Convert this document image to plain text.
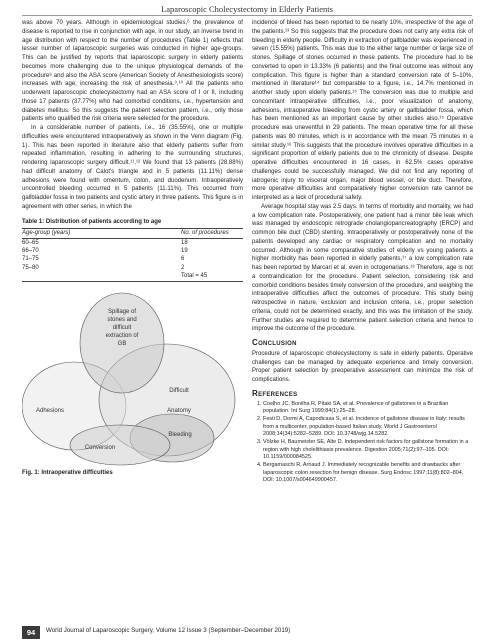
Laparoscopic Cholecystectomy in Elderly Patients

was above 70 years. Although in epidemiological studies,⁶ the prevalence of disease is reported to rise in conjunction with age, in our study, an inverse trend in age distribution with respect to the number of procedures (Table 1) reflects that lesser number of laparoscopic surgeries was conducted in higher age-groups. This can be justified by reports that laparoscopic surgery in elderly patients becomes more challenging due to the unique physiological demands of the procedure⁸ and also the ASA score (American Society of Anesthesiologists score) increases with age, increasing the risk of anesthesia.⁹,¹⁰ All the patients who underwent laparoscopic cholecystectomy had an ASA score of I or II, including those 17 patients (37.77%) who had comorbid conditions, i.e., hypertension and diabetes mellitus. So this suggests the patient selection pattern, i.e., only those patients who qualified the risk criteria were selected for the procedure.

In a considerable number of patients, i.e., 16 (35.55%), one or multiple difficulties were encountered intraoperatively as shown in the Venn diagram (Fig. 1). This has been reported in literature also that elderly patients suffer from repeated inflammation, resulting in adhering to the surrounding structures, rendering laparoscopic surgery difficult.¹¹,¹² We found that 13 patients (28.88%) had difficult anatomy of Calot's triangle and in 5 patients (11.11%) dense adhesions were found with omentum, colon, and duodenum. Intraoperatively uncontrolled bleeding occurred in 5 patients (11.11%). This occurred from gallbladder fossa in two patients and cystic artery in three patients. This figure is in agreement with other series, in which the

Table 1: Distribution of patients according to age
Age-group (years)	No. of procedures
60–65	18
66–70	19
71–75	6
75–80	2
	Total = 45
Spillage of
stones and
difficult
extraction of
GB
Difficult
Anatomy
Adhesions
Bleeding
Conversion
Fig. 1: Intraoperative difficulties

incidence of bleed has been reported to be nearly 10%, irrespective of the age of the patients.¹³ So this suggests that the procedure does not carry any extra risk of bleeding in elderly people. Difficulty in extraction of gallbladder was experienced in seven (15.55%) patients. This was due to the either large number or large size of stones. Spillage of stones occurred in these patients. The procedure had to be converted to open in 13.33% (6 patients) and the final outcome was without any complication. This figure is higher than a standard conversion rate of 5–10%, mentioned in literature¹⁴ but comparable to a figure, i.e., 14.7% mentioned in another study upon elderly patients.¹⁵ The conversion was due to multiple and concomitant intraoperative difficulties, i.e., poor visualization of anatomy, adhesions, intraoperative bleeding from cystic artery or gallbladder fossa, which has been mentioned as an important cause by other studies also.¹⁵ Operative procedure was uneventful in 29 patients. The mean operative time for all these patients was 80 minutes, which is in accordance with the mean 75 minutes in a similar study.¹⁶ This suggests that the procedure involves operative difficulties in a significant proportion of elderly patients due to the chronicity of disease. Despite operative difficulties encountered in 16 cases, in 62.5% cases operative challenges could be successfully managed. We did not find any reporting of iatrogenic injury to visceral organ, major blood vessel, or bile duct. Therefore, more operative difficulties and comparatively higher conversion rate cannot be interpreted as a lack of procedural safety.

Average hospital stay was 2.5 days. In terms of morbidity and mortality, we had a low complication rate. Postoperatively, one patient had a minor bile leak which was managed by endoscopic retrograde cholangiopancreatography (ERCP) and common bile duct (CBD) stenting. Intraoperatively or postoperatively none of the patients developed any cardiac or respiratory complication and no mortality occurred. Although in some comparative studies of elderly vs young patients a higher morbidity has been reported in elderly patients,¹⁷ a low complication rate has been reported by Marcari et al. even in octogenarians.¹⁸ Therefore, age is not a contraindication for the procedure. Patient selection, considering risk and comorbid conditions besides timely conversion of the procedure, and weighing the intraoperative difficulties affect the outcomes of procedure. This study being retrospective in nature, exclusion and inclusion criteria, i.e., proper selection criteria, could not be determined exactly, and this was the limitation of the study. Further studies are required to determine patient selection criteria and hence to improve the outcome of the procedure.

Conclusion

Procedure of laparoscopic cholecystectomy is safe in elderly patients. Operative challenges can be managed by adequate experience and timely conversion. Proper patient selection by preoperative assessment can minimize the risk of complications.

References
1. Coelho JC, Bonilha R, Pitaki SA, et al. Prevalence of gallstones in a Brazilian population. Int Surg 1999;84(1):25–28.
2. Festi D, Dormi A, Capodicasa S, et al. Incidence of gallstone disease in Italy: results from a multicenter, population-based Italian study. World J Gastroenterol 2008;14(34):5282–5289. DOI: 10.3748/wjg.14.5282.
3. Völzke H, Baumeister SE, Alte D. Independent risk factors for gallstone formation in a region with high cholelithiasis prevalence. Digestion 2005;71(2):97–105. DOI: 10.1159/000084525.
4. Bergamaschi R, Arnaud J. Immediately recognizable benefits and drawbacks after laparoscopic colon resection for benign disease. Surg Endosc 1997;11(8):802–804. DOI: 10.1007/s004649900457.
94	World Journal of Laparoscopic Surgery, Volume 12 Issue 3 (September–December 2019)
